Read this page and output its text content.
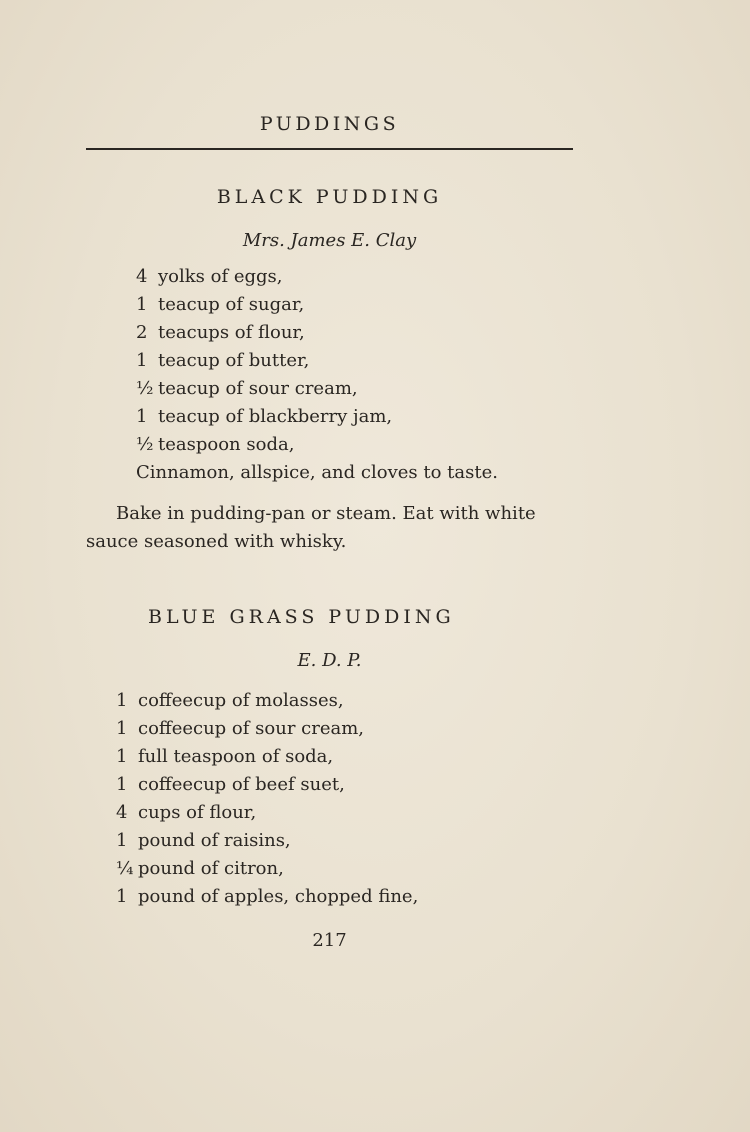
PUDDINGS
BLACK PUDDING
Mrs. James E. Clay
4 yolks of eggs,
1 teacup of sugar,
2 teacups of flour,
1 teacup of butter,
½ teacup of sour cream,
1 teacup of blackberry jam,
½ teaspoon soda,
Cinnamon, allspice, and cloves to taste.

Bake in pudding-pan or steam. Eat with white
sauce seasoned with whisky.

BLUE GRASS PUDDING
E. D. P.
1 coffeecup of molasses,
1 coffeecup of sour cream,
1 full teaspoon of soda,
1 coffeecup of beef suet,
4 cups of flour,
1 pound of raisins,
¼ pound of citron,
1 pound of apples, chopped fine,
217
